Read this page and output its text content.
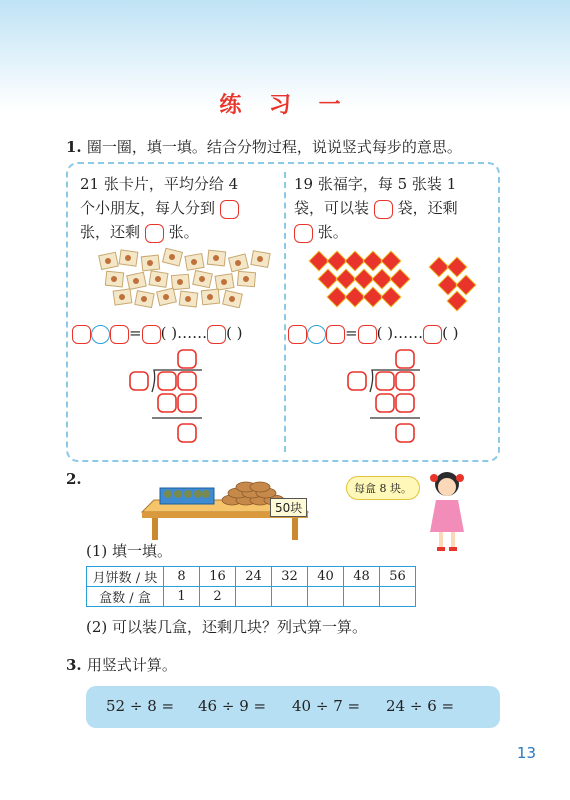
练 习 一
1. 圈一圈，填一填。结合分物过程，说说竖式每步的意思。
21 张卡片，平均分给 4
个小朋友，每人分到
张，还剩 张。
19 张福字，每 5 张装 1
袋，可以装 袋，还剩
张。
= ( )…… ( )	= ( )…… ( )
2.
50块
每盒 8 块。
(1) 填一填。
月饼数 / 块	8	16	24	32	40	48	56
盒数 / 盒	1	2					
(2) 可以装几盒，还剩几块？列式算一算。
3. 用竖式计算。
52 ÷ 8 = 46 ÷ 9 = 40 ÷ 7 = 24 ÷ 6 =
13
